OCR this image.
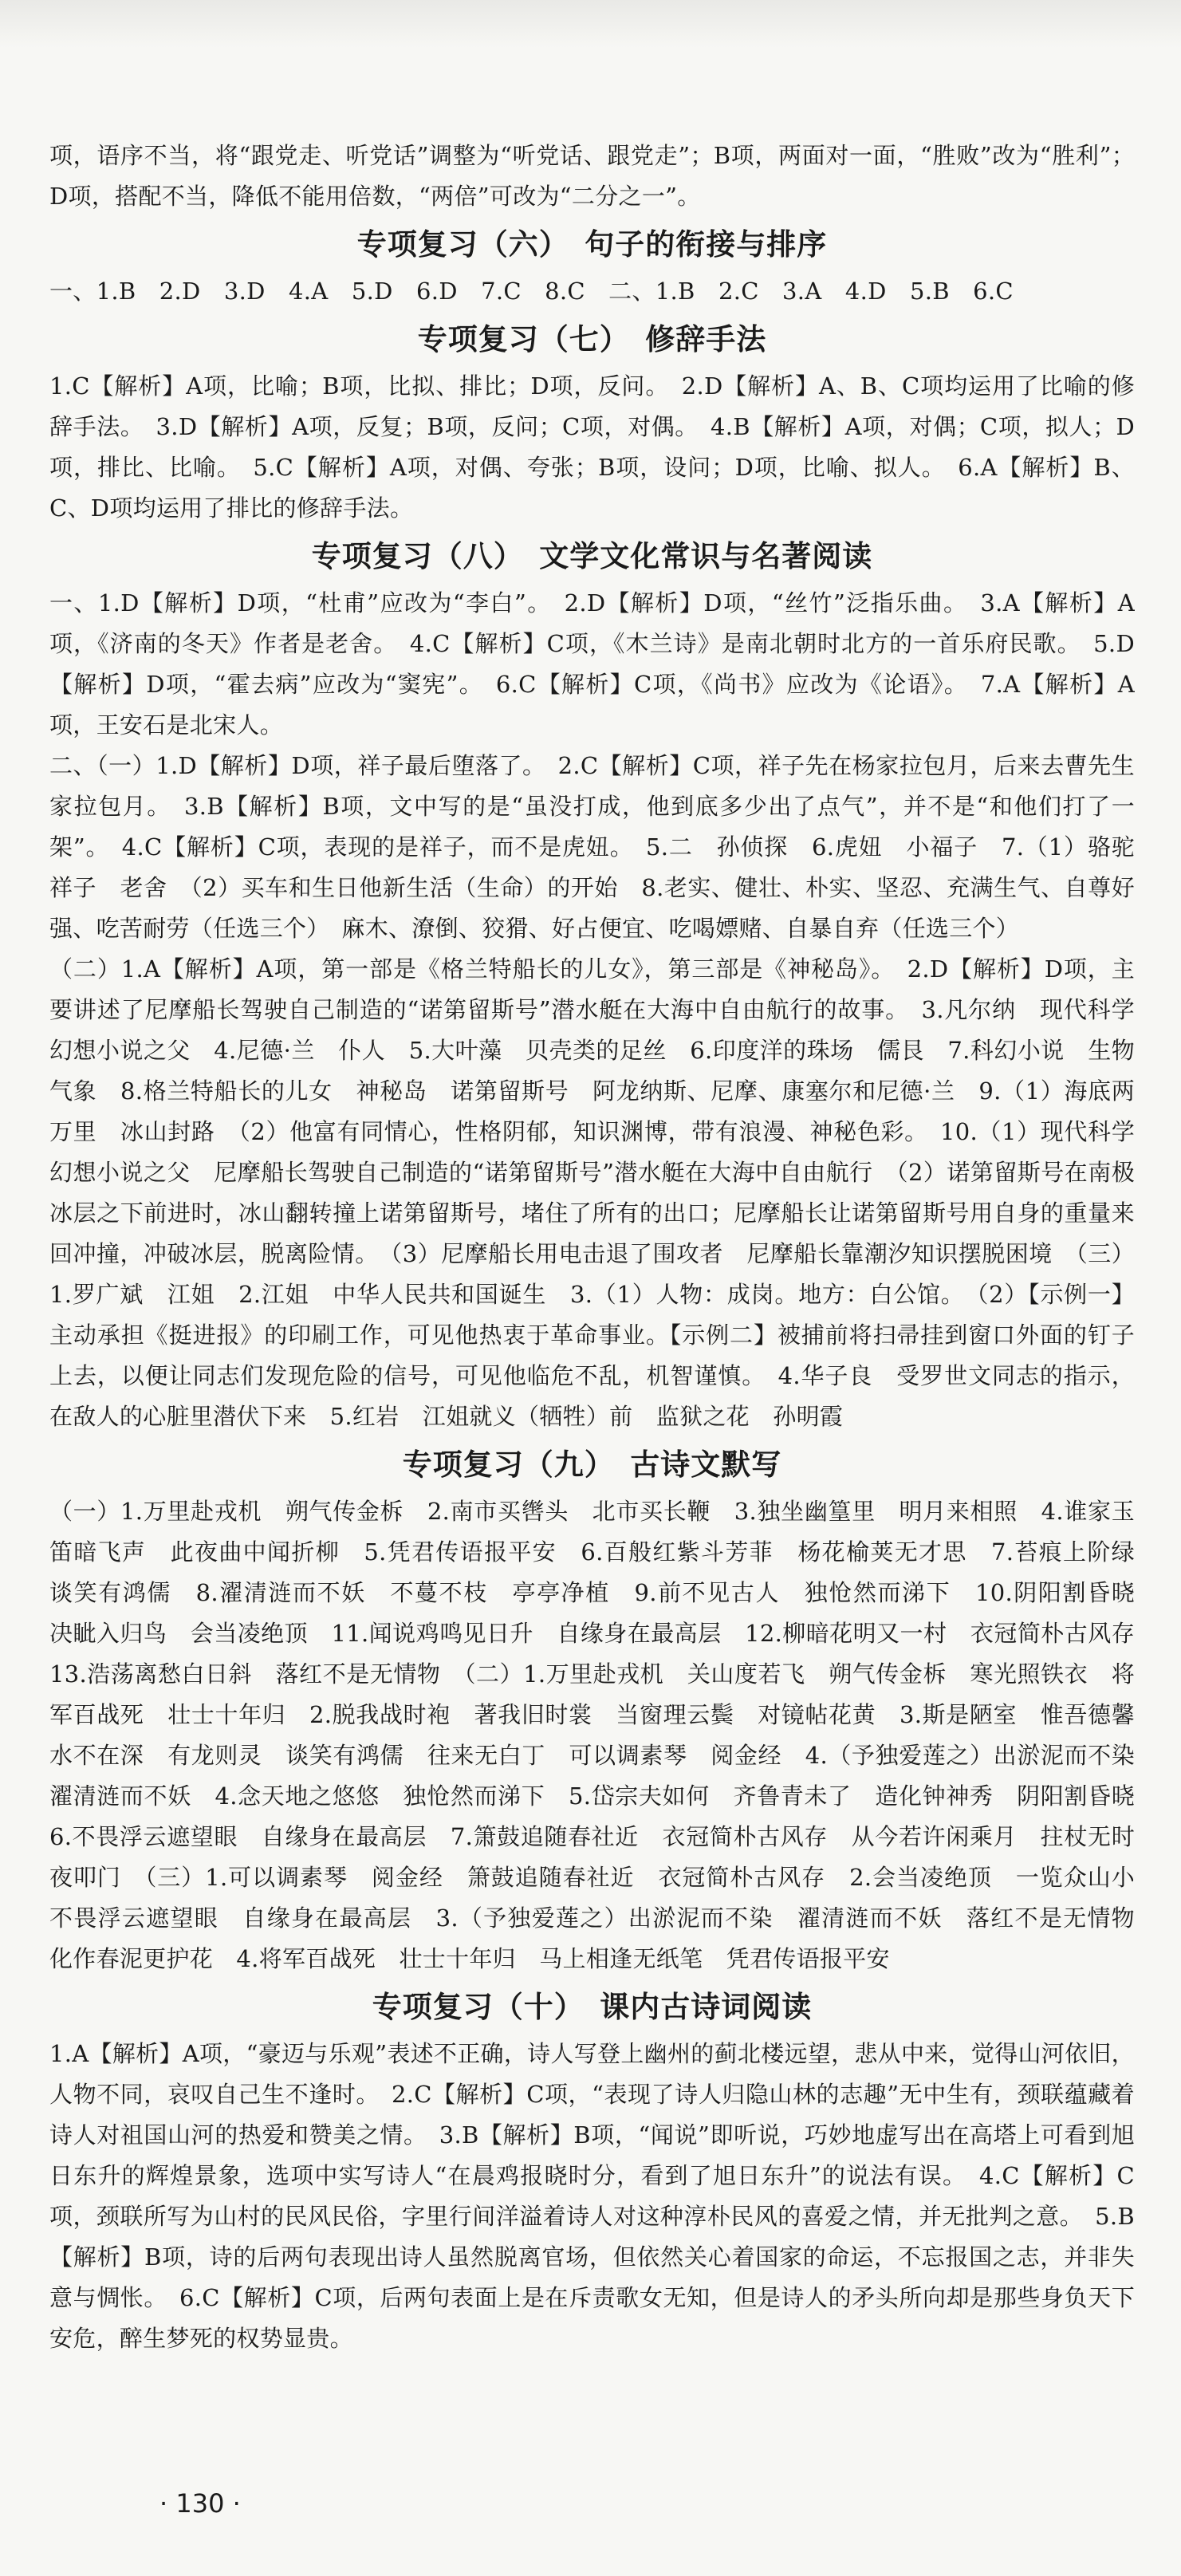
项，语序不当，将“跟党走、听党话”调整为“听党话、跟党走”；B项，两面对一面，“胜败”改为“胜利”；D项，搭配不当，降低不能用倍数，“两倍”可改为“二分之一”。

专项复习（六）　句子的衔接与排序

一、1.B　2.D　3.D　4.A　5.D　6.D　7.C　8.C　二、1.B　2.C　3.A　4.D　5.B　6.C

专项复习（七）　修辞手法

1.C【解析】A项，比喻；B项，比拟、排比；D项，反问。　2.D【解析】A、B、C项均运用了比喻的修辞手法。　3.D【解析】A项，反复；B项，反问；C项，对偶。　4.B【解析】A项，对偶；C项，拟人；D项，排比、比喻。　5.C【解析】A项，对偶、夸张；B项，设问；D项，比喻、拟人。　6.A【解析】B、C、D项均运用了排比的修辞手法。

专项复习（八）　文学文化常识与名著阅读

一、1.D【解析】D项，“杜甫”应改为“李白”。　2.D【解析】D项，“丝竹”泛指乐曲。　3.A【解析】A项，《济南的冬天》作者是老舍。　4.C【解析】C项，《木兰诗》是南北朝时北方的一首乐府民歌。　5.D【解析】D项，“霍去病”应改为“窦宪”。　6.C【解析】C项，《尚书》应改为《论语》。　7.A【解析】A项，王安石是北宋人。

二、（一）1.D【解析】D项，祥子最后堕落了。　2.C【解析】C项，祥子先在杨家拉包月，后来去曹先生家拉包月。　3.B【解析】B项，文中写的是“虽没打成，他到底多少出了点气”，并不是“和他们打了一架”。　4.C【解析】C项，表现的是祥子，而不是虎妞。　5.二　孙侦探　6.虎妞　小福子　7.（1）骆驼祥子　老舍　（2）买车和生日他新生活（生命）的开始　8.老实、健壮、朴实、坚忍、充满生气、自尊好强、吃苦耐劳（任选三个）　麻木、潦倒、狡猾、好占便宜、吃喝嫖赌、自暴自弃（任选三个）

（二）1.A【解析】A项，第一部是《格兰特船长的儿女》，第三部是《神秘岛》。　2.D【解析】D项，主要讲述了尼摩船长驾驶自己制造的“诺第留斯号”潜水艇在大海中自由航行的故事。　3.凡尔纳　现代科学幻想小说之父　4.尼德·兰　仆人　5.大叶藻　贝壳类的足丝　6.印度洋的珠场　儒艮　7.科幻小说　生物　气象　8.格兰特船长的儿女　神秘岛　诺第留斯号　阿龙纳斯、尼摩、康塞尔和尼德·兰　9.（1）海底两万里　冰山封路　（2）他富有同情心，性格阴郁，知识渊博，带有浪漫、神秘色彩。　10.（1）现代科学幻想小说之父　尼摩船长驾驶自己制造的“诺第留斯号”潜水艇在大海中自由航行　（2）诺第留斯号在南极冰层之下前进时，冰山翻转撞上诺第留斯号，堵住了所有的出口；尼摩船长让诺第留斯号用自身的重量来回冲撞，冲破冰层，脱离险情。　（3）尼摩船长用电击退了围攻者　尼摩船长靠潮汐知识摆脱困境　（三）1.罗广斌　江姐　2.江姐　中华人民共和国诞生　3.（1）人物：成岗。地方：白公馆。　（2）【示例一】主动承担《挺进报》的印刷工作，可见他热衷于革命事业。【示例二】被捕前将扫帚挂到窗口外面的钉子上去，以便让同志们发现危险的信号，可见他临危不乱，机智谨慎。　4.华子良　受罗世文同志的指示，在敌人的心脏里潜伏下来　5.红岩　江姐就义（牺牲）前　监狱之花　孙明霞

专项复习（九）　古诗文默写

（一）1.万里赴戎机　朔气传金柝　2.南市买辔头　北市买长鞭　3.独坐幽篁里　明月来相照　4.谁家玉笛暗飞声　此夜曲中闻折柳　5.凭君传语报平安　6.百般红紫斗芳菲　杨花榆荚无才思　7.苔痕上阶绿　谈笑有鸿儒　8.濯清涟而不妖　不蔓不枝　亭亭净植　9.前不见古人　独怆然而涕下　10.阴阳割昏晓　决眦入归鸟　会当凌绝顶　11.闻说鸡鸣见日升　自缘身在最高层　12.柳暗花明又一村　衣冠简朴古风存　13.浩荡离愁白日斜　落红不是无情物　（二）1.万里赴戎机　关山度若飞　朔气传金柝　寒光照铁衣　将军百战死　壮士十年归　2.脱我战时袍　著我旧时裳　当窗理云鬓　对镜帖花黄　3.斯是陋室　惟吾德馨　水不在深　有龙则灵　谈笑有鸿儒　往来无白丁　可以调素琴　阅金经　4.（予独爱莲之）出淤泥而不染　濯清涟而不妖　4.念天地之悠悠　独怆然而涕下　5.岱宗夫如何　齐鲁青未了　造化钟神秀　阴阳割昏晓　6.不畏浮云遮望眼　自缘身在最高层　7.箫鼓追随春社近　衣冠简朴古风存　从今若许闲乘月　拄杖无时夜叩门　（三）1.可以调素琴　阅金经　箫鼓追随春社近　衣冠简朴古风存　2.会当凌绝顶　一览众山小　不畏浮云遮望眼　自缘身在最高层　3.（予独爱莲之）出淤泥而不染　濯清涟而不妖　落红不是无情物　化作春泥更护花　4.将军百战死　壮士十年归　马上相逢无纸笔　凭君传语报平安

专项复习（十）　课内古诗词阅读

1.A【解析】A项，“豪迈与乐观”表述不正确，诗人写登上幽州的蓟北楼远望，悲从中来，觉得山河依旧，人物不同，哀叹自己生不逢时。　2.C【解析】C项，“表现了诗人归隐山林的志趣”无中生有，颈联蕴藏着诗人对祖国山河的热爱和赞美之情。　3.B【解析】B项，“闻说”即听说，巧妙地虚写出在高塔上可看到旭日东升的辉煌景象，选项中实写诗人“在晨鸡报晓时分，看到了旭日东升”的说法有误。　4.C【解析】C项，颈联所写为山村的民风民俗，字里行间洋溢着诗人对这种淳朴民风的喜爱之情，并无批判之意。　5.B【解析】B项，诗的后两句表现出诗人虽然脱离官场，但依然关心着国家的命运，不忘报国之志，并非失意与惆怅。　6.C【解析】C项，后两句表面上是在斥责歌女无知，但是诗人的矛头所向却是那些身负天下安危，醉生梦死的权势显贵。

· 130 ·
